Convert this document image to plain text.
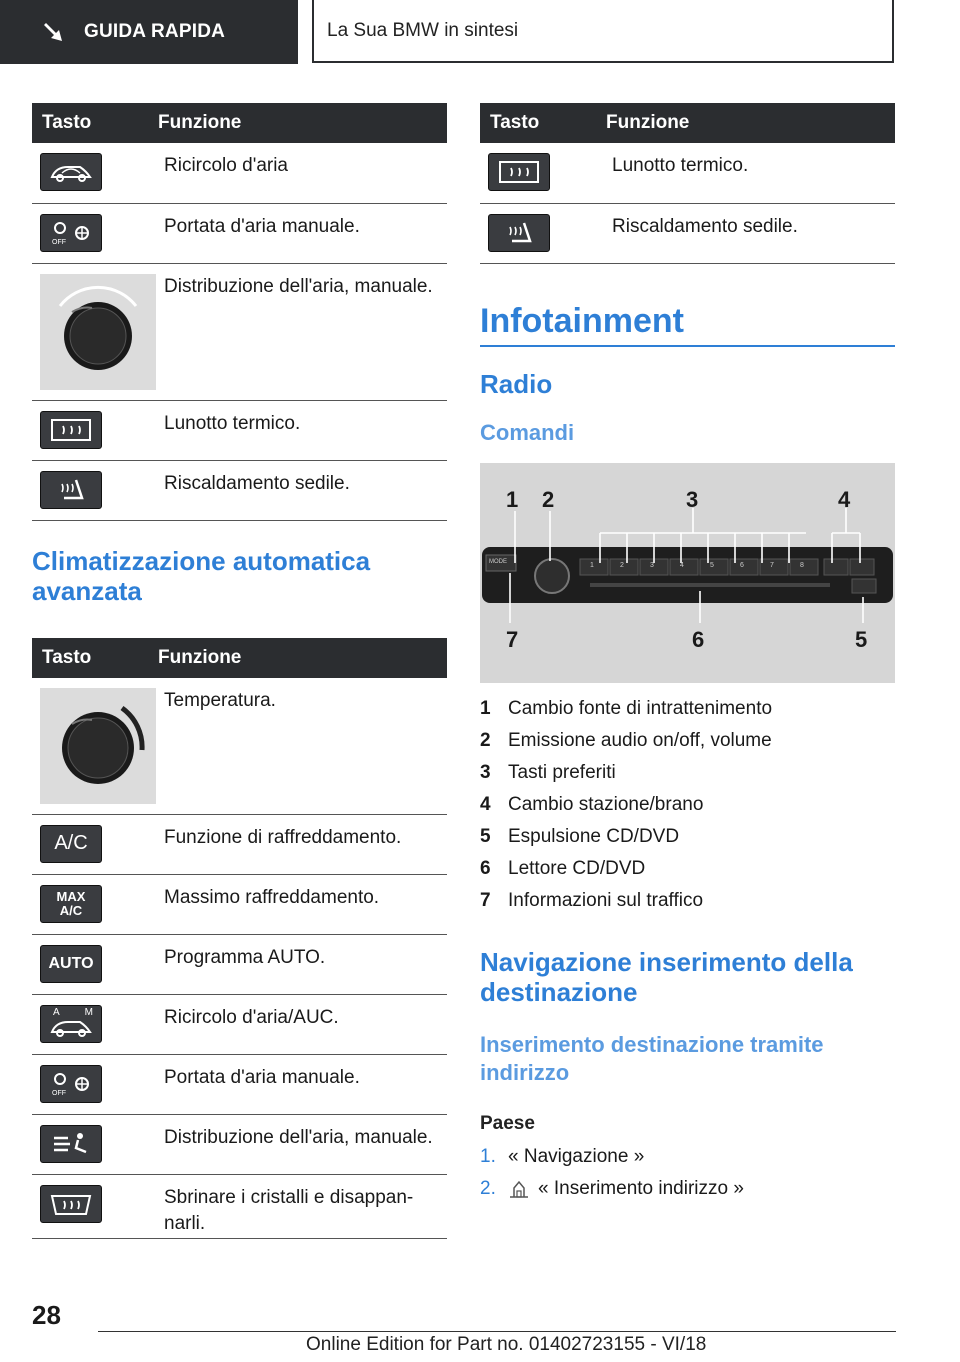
GUIDA RAPIDA	La Sua BMW in sintesi
Tasto	Funzione

	Ricircolo d'aria

OFF	Portata d'aria manuale.

	Distribuzione dell'aria, manuale.

	Lunotto termico.

	Riscaldamento sedile.
Climatizzazione automatica avanzata
Tasto	Funzione

	Temperatura.

A/C	Funzione di raffreddamento.

MAX
A/C	Massimo raffreddamento.

AUTO	Programma AUTO.

A M	Ricircolo d'aria/AUC.

OFF	Portata d'aria manuale.

	Distribuzione dell'aria, manuale.

	Sbrinare i cristalli e disappan-narli.
Tasto	Funzione

	Lunotto termico.

	Riscaldamento sedile.
Infotainment
Radio
Comandi
1 2	3	4
7	6	5
MODE	1	2	3	4	5	6	7	8
1 Cambio fonte di intrattenimento
2 Emissione audio on/off, volume
3 Tasti preferiti
4 Cambio stazione/brano
5 Espulsione CD/DVD
6 Lettore CD/DVD
7 Informazioni sul traffico
Navigazione inserimento della destinazione
Inserimento destinazione tramite indirizzo
Paese
1. « Navigazione »
2.	« Inserimento indirizzo »
28
Online Edition for Part no. 01402723155 - VI/18
